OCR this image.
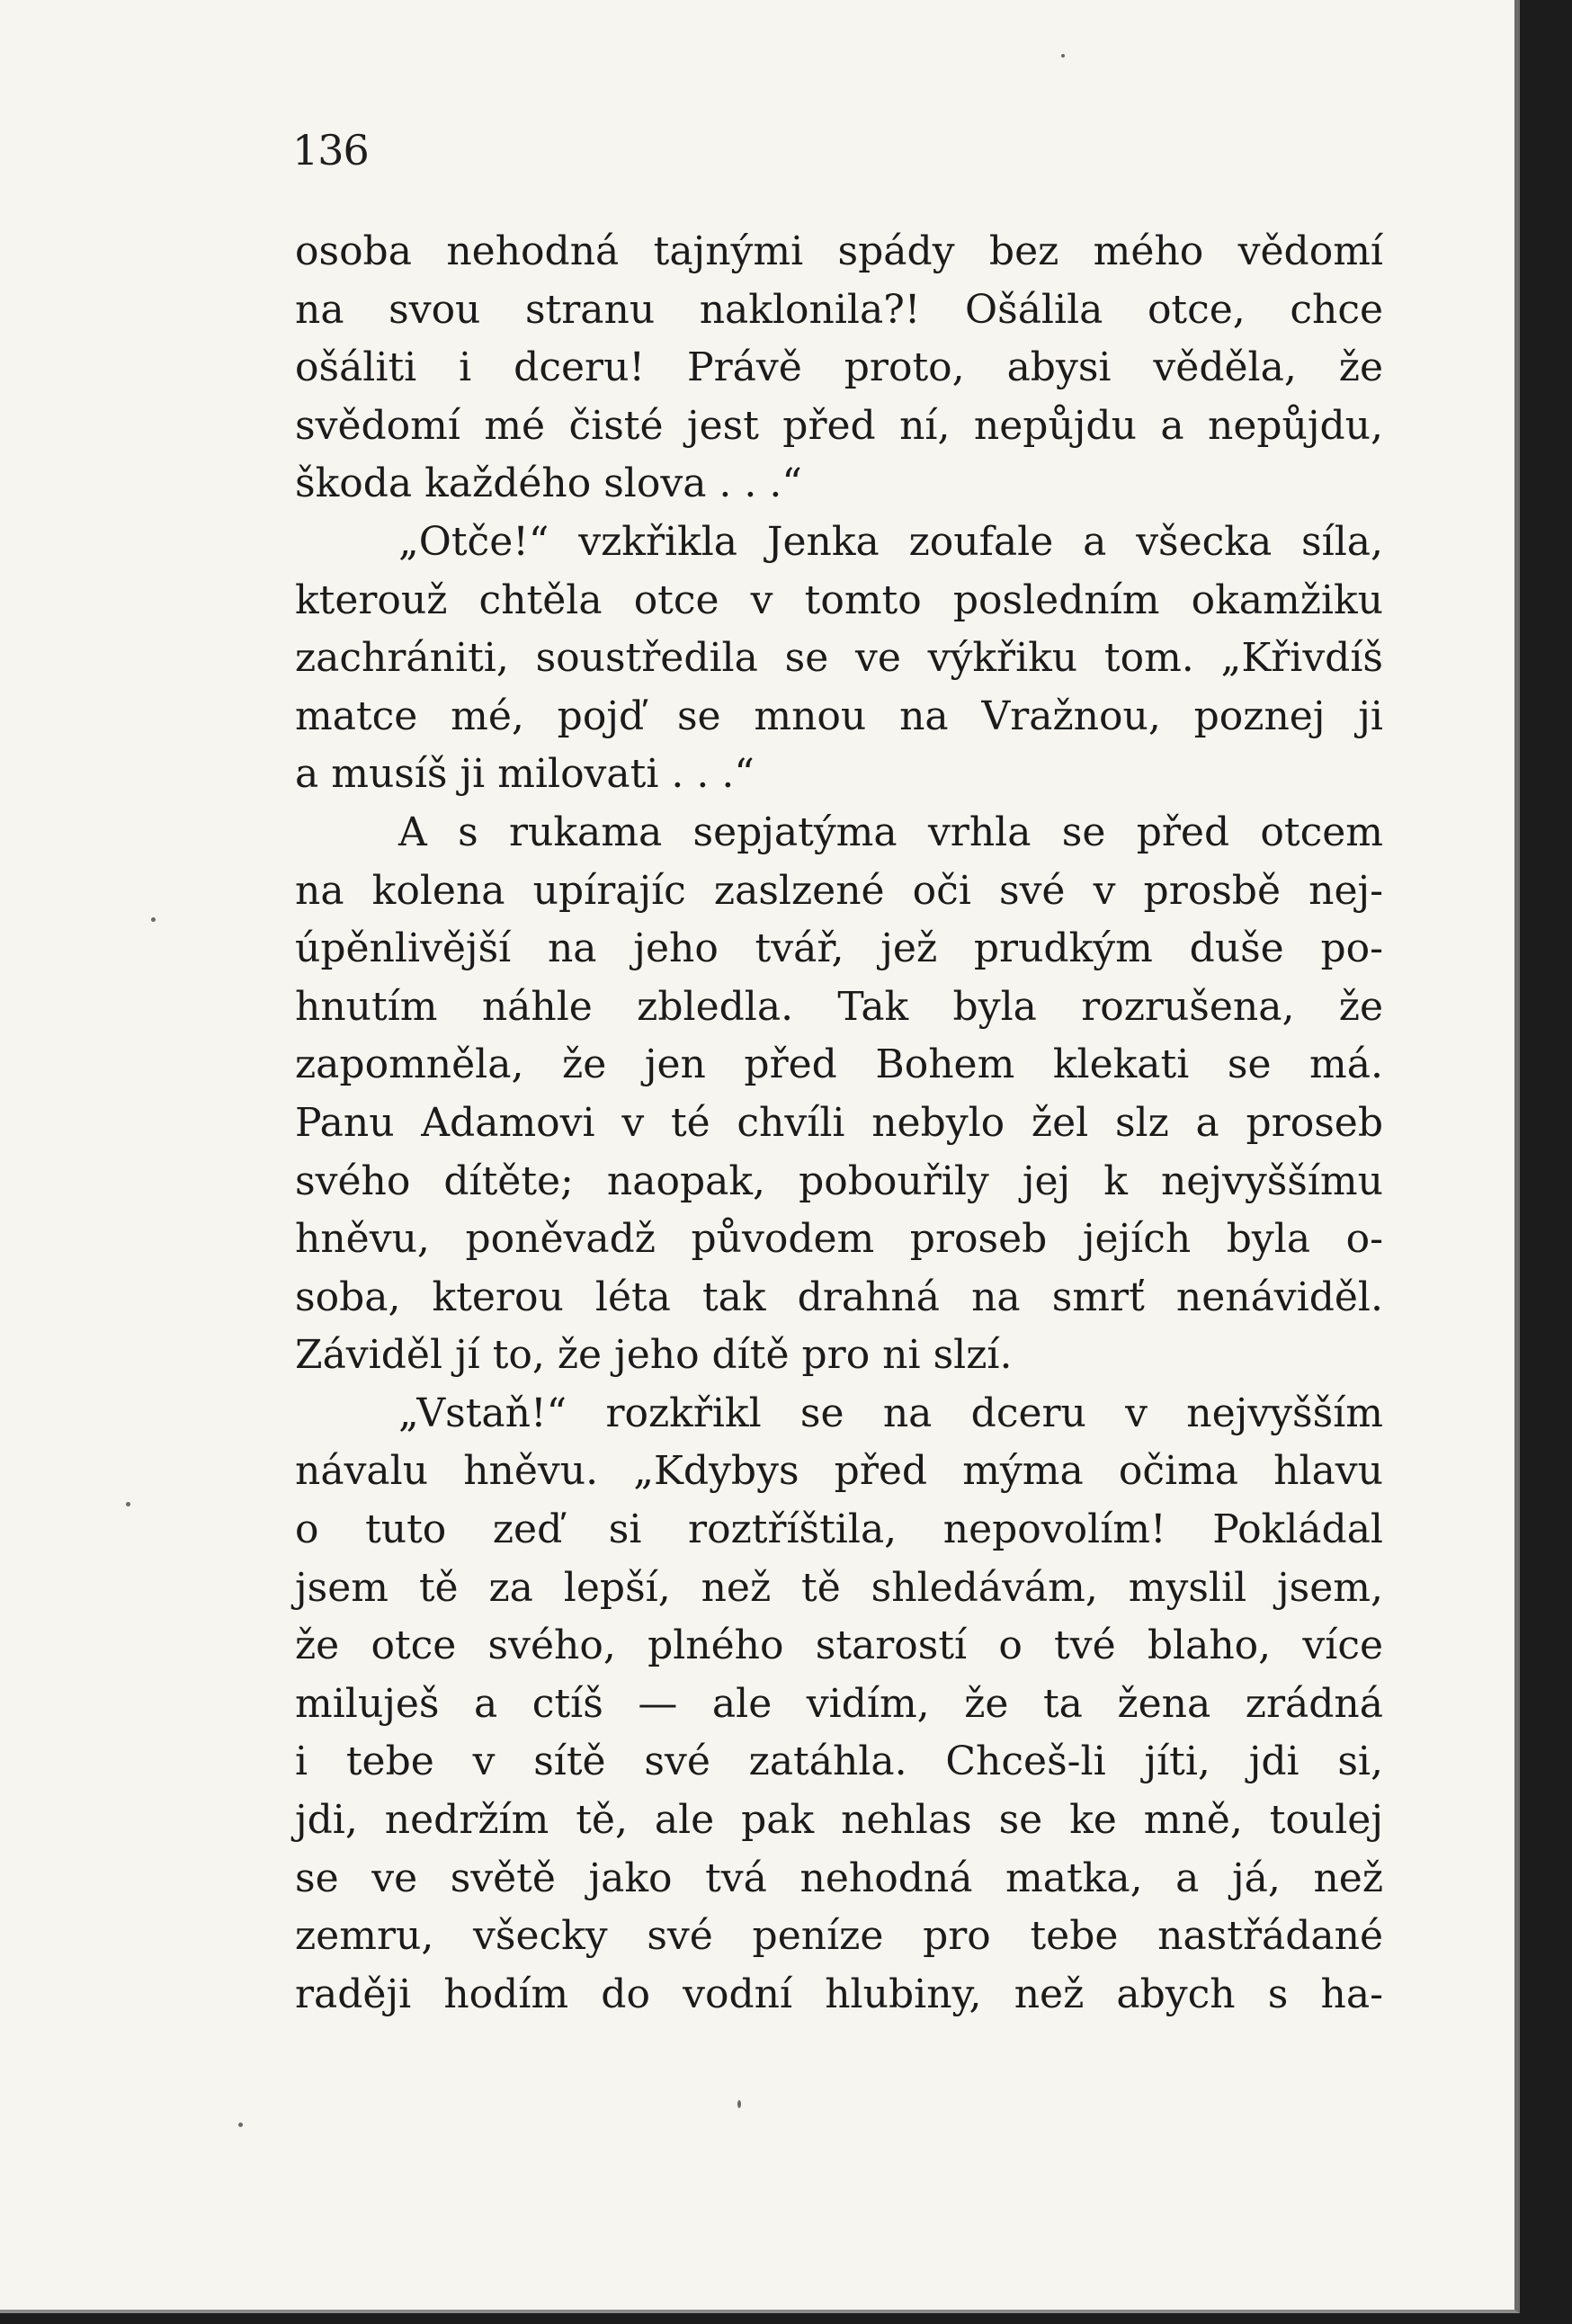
136
osoba nehodná tajnými spády bez mého vědomí
na svou stranu naklonila?! Ošálila otce, chce
ošáliti i dceru! Právě proto, abysi věděla, že
svědomí mé čisté jest před ní, nepůjdu a nepůjdu,
škoda každého slova . . .“
„Otče!“ vzkřikla Jenka zoufale a všecka síla,
kterouž chtěla otce v tomto posledním okamžiku
zachrániti, soustředila se ve výkřiku tom. „Křivdíš
matce mé, pojď se mnou na Vražnou, poznej ji
a musíš ji milovati . . .“
A s rukama sepjatýma vrhla se před otcem
na kolena upírajíc zaslzené oči své v prosbě nej-
úpěnlivější na jeho tvář, jež prudkým duše po-
hnutím náhle zbledla. Tak byla rozrušena, že
zapomněla, že jen před Bohem klekati se má.
Panu Adamovi v té chvíli nebylo žel slz a proseb
svého dítěte; naopak, pobouřily jej k nejvyššímu
hněvu, poněvadž původem proseb jejích byla o-
soba, kterou léta tak drahná na smrť nenáviděl.
Záviděl jí to, že jeho dítě pro ni slzí.
„Vstaň!“ rozkřikl se na dceru v nejvyšším
návalu hněvu. „Kdybys před mýma očima hlavu
o tuto zeď si roztříštila, nepovolím! Pokládal
jsem tě za lepší, než tě shledávám, myslil jsem,
že otce svého, plného starostí o tvé blaho, více
miluješ a ctíš — ale vidím, že ta žena zrádná
i tebe v sítě své zatáhla. Chceš-li jíti, jdi si,
jdi, nedržím tě, ale pak nehlas se ke mně, toulej
se ve světě jako tvá nehodná matka, a já, než
zemru, všecky své peníze pro tebe nastřádané
raději hodím do vodní hlubiny, než abych s ha-
